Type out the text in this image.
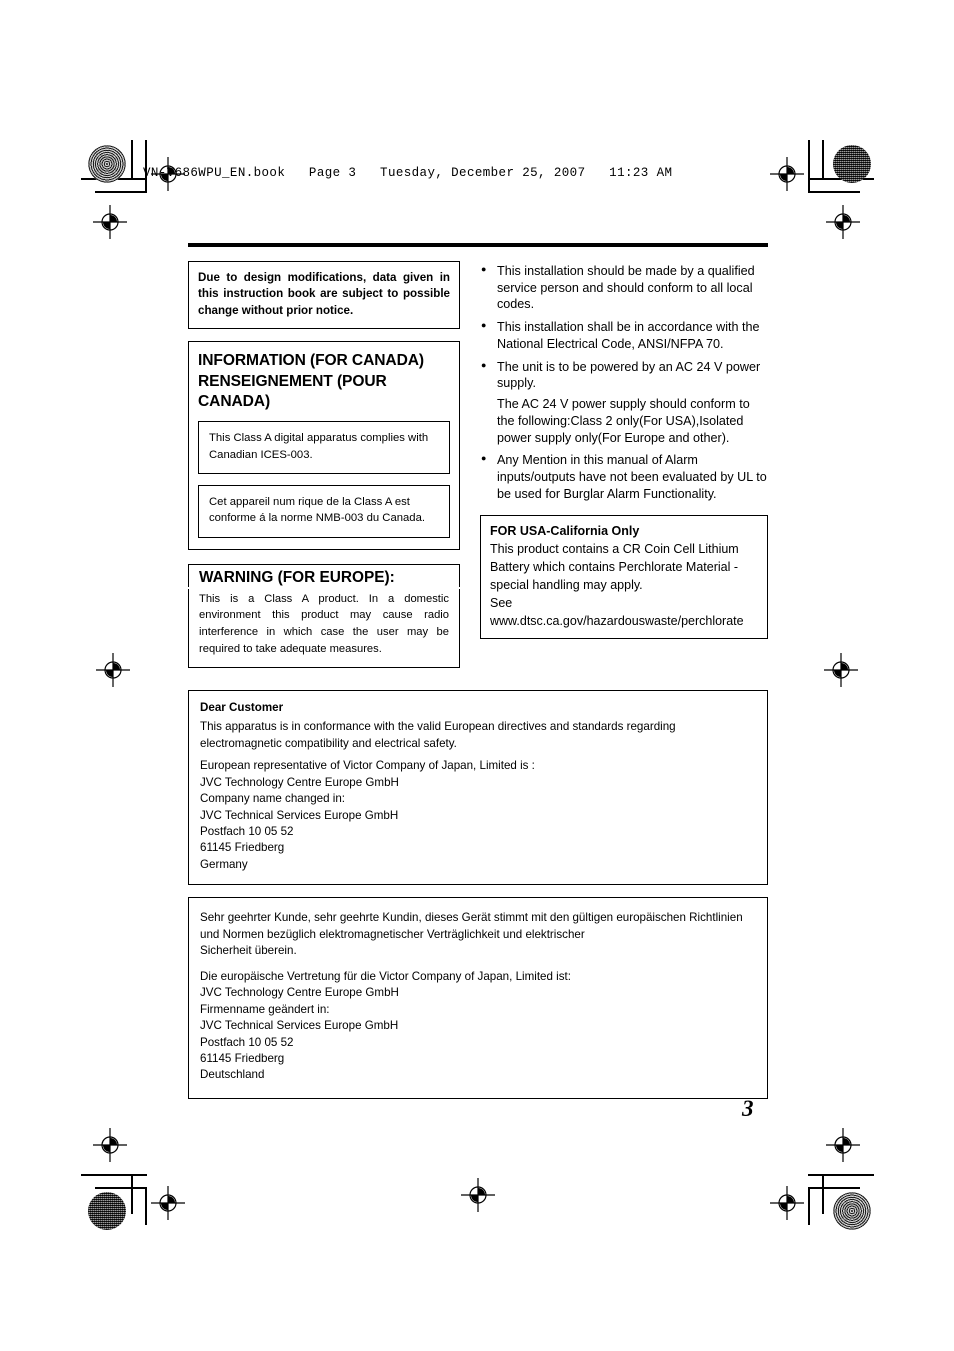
VN-V686WPU_EN.book   Page 3   Tuesday, December 25, 2007   11:23 AM
Due to design modifications, data given in this instruction book are subject to possible change without prior notice.
INFORMATION (FOR CANADA)
RENSEIGNEMENT (POUR CANADA)
This Class A digital apparatus complies with Canadian ICES-003.
Cet appareil num rique de la Class A est conforme á la norme NMB-003 du Canada.
WARNING (FOR EUROPE):
This is a Class A product. In a domestic environment this product may cause radio interference in which case the user may be required to take adequate measures.
● This installation should be made by a qualified service person and should conform to all local codes.
● This installation shall be in accordance with the National Electrical Code, ANSI/NFPA 70.
● The unit is to be powered by an AC 24 V power supply.
The AC 24 V power supply should conform to the following:Class 2 only(For USA),Isolated power supply only(For Europe and other).
● Any Mention in this manual of Alarm inputs/outputs have not been evaluated by UL to be used for Burglar Alarm Functionality.
FOR USA-California Only
This product contains a CR Coin Cell Lithium Battery which contains Perchlorate Material - special handling may apply.
See
www.dtsc.ca.gov/hazardouswaste/perchlorate
Dear Customer
This apparatus is in conformance with the valid European directives and standards regarding electromagnetic compatibility and electrical safety.
European representative of Victor Company of Japan, Limited is :
JVC Technology Centre Europe GmbH
Company name changed in:
JVC Technical Services Europe GmbH
Postfach 10 05 52
61145 Friedberg
Germany
Sehr geehrter Kunde, sehr geehrte Kundin, dieses Gerät stimmt mit den gültigen europäischen Richtlinien
und Normen bezüglich elektromagnetischer Verträglichkeit und elektrischer
Sicherheit überein.
Die europäische Vertretung für die Victor Company of Japan, Limited ist:
JVC Technology Centre Europe GmbH
Firmenname geändert in:
JVC Technical Services Europe GmbH
Postfach 10 05 52
61145 Friedberg
Deutschland
3
